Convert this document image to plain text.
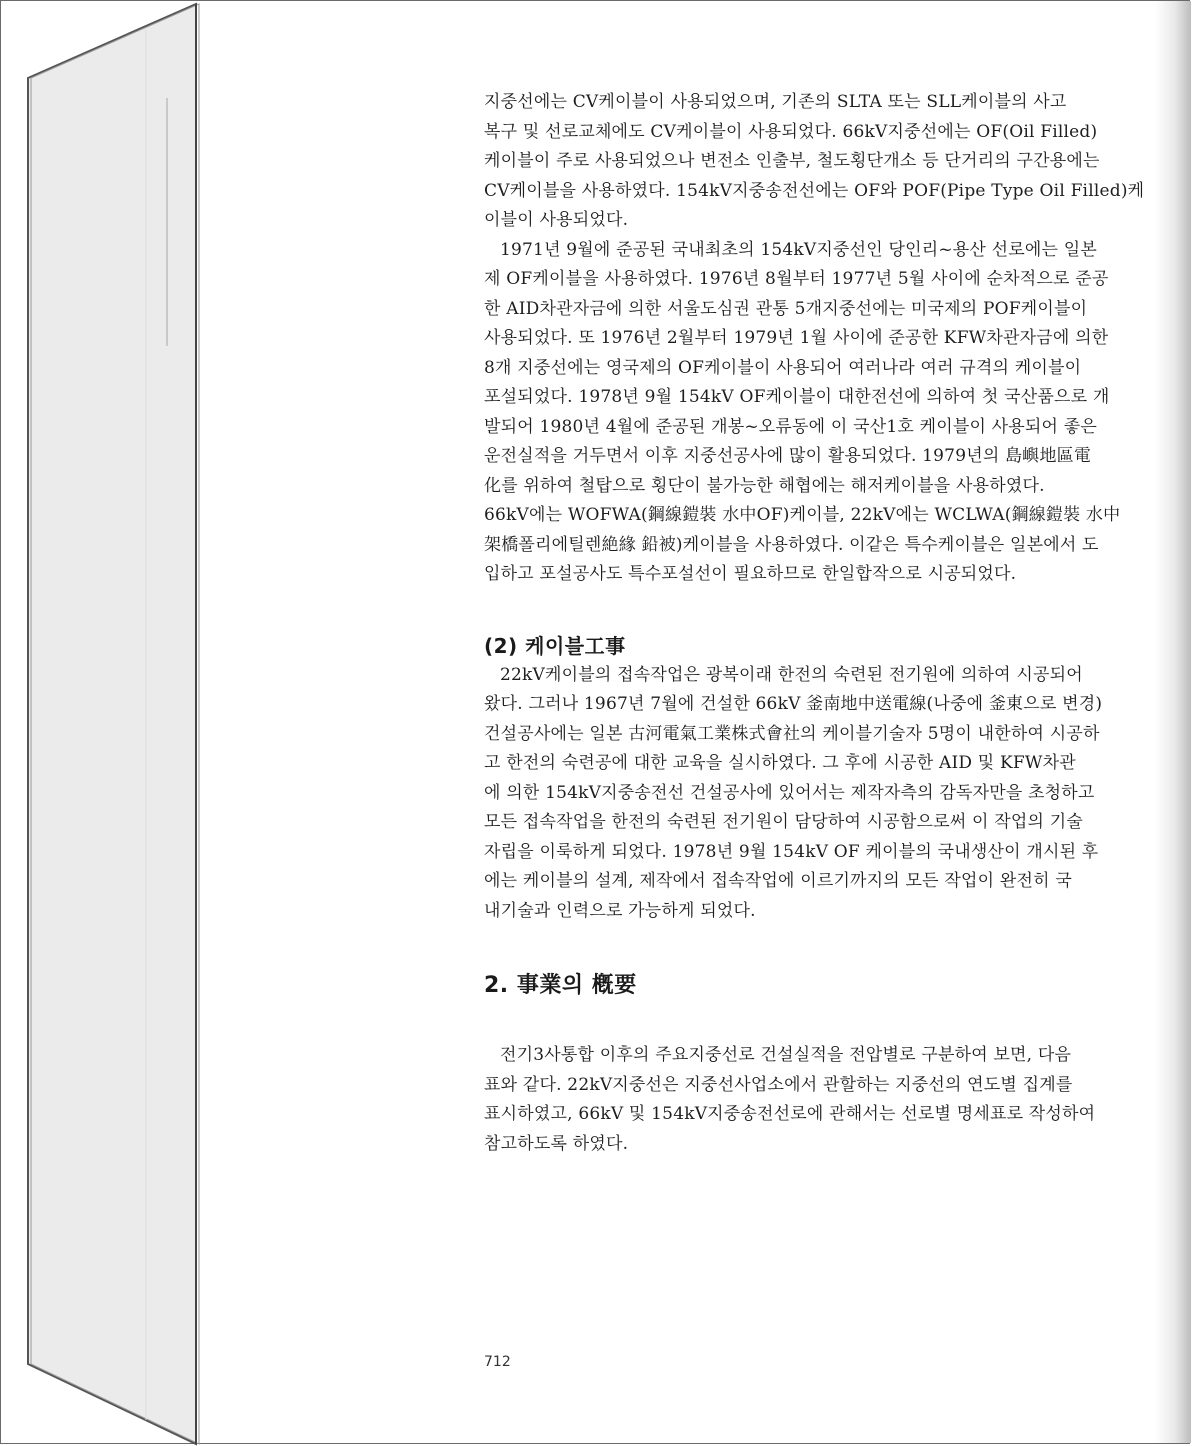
지중선에는 CV케이블이 사용되었으며, 기존의 SLTA 또는 SLL케이블의 사고

복구 및 선로교체에도 CV케이블이 사용되었다. 66kV지중선에는 OF(Oil Filled)

케이블이 주로 사용되었으나 변전소 인출부, 철도횡단개소 등 단거리의 구간용에는

CV케이블을 사용하였다. 154kV지중송전선에는 OF와 POF(Pipe Type Oil Filled)케

이블이 사용되었다.

1971년 9월에 준공된 국내최초의 154kV지중선인 당인리~용산 선로에는 일본

제 OF케이블을 사용하였다. 1976년 8월부터 1977년 5월 사이에 순차적으로 준공

한 AID차관자금에 의한 서울도심권 관통 5개지중선에는 미국제의 POF케이블이

사용되었다. 또 1976년 2월부터 1979년 1월 사이에 준공한 KFW차관자금에 의한

8개 지중선에는 영국제의 OF케이블이 사용되어 여러나라 여러 규격의 케이블이

포설되었다. 1978년 9월 154kV OF케이블이 대한전선에 의하여 첫 국산품으로 개

발되어 1980년 4월에 준공된 개봉~오류동에 이 국산1호 케이블이 사용되어 좋은

운전실적을 거두면서 이후 지중선공사에 많이 활용되었다. 1979년의 島嶼地區電

化를 위하여 철탑으로 횡단이 불가능한 해협에는 해저케이블을 사용하였다.

66kV에는 WOFWA(鋼線鎧裝 水中OF)케이블, 22kV에는 WCLWA(鋼線鎧裝 水中

架橋폴리에틸렌絶緣 鉛被)케이블을 사용하였다. 이같은 특수케이블은 일본에서 도

입하고 포설공사도 특수포설선이 필요하므로 한일합작으로 시공되었다.

(2) 케이블工事

22kV케이블의 접속작업은 광복이래 한전의 숙련된 전기원에 의하여 시공되어

왔다. 그러나 1967년 7월에 건설한 66kV 釜南地中送電線(나중에 釜東으로 변경)

건설공사에는 일본 古河電氣工業株式會社의 케이블기술자 5명이 내한하여 시공하

고 한전의 숙련공에 대한 교육을 실시하였다. 그 후에 시공한 AID 및 KFW차관

에 의한 154kV지중송전선 건설공사에 있어서는 제작자측의 감독자만을 초청하고

모든 접속작업을 한전의 숙련된 전기원이 담당하여 시공함으로써 이 작업의 기술

자립을 이룩하게 되었다. 1978년 9월 154kV OF 케이블의 국내생산이 개시된 후

에는 케이블의 설계, 제작에서 접속작업에 이르기까지의 모든 작업이 완전히 국

내기술과 인력으로 가능하게 되었다.

2. 事業의 槪要

전기3사통합 이후의 주요지중선로 건설실적을 전압별로 구분하여 보면, 다음

표와 같다. 22kV지중선은 지중선사업소에서 관할하는 지중선의 연도별 집계를

표시하였고, 66kV 및 154kV지중송전선로에 관해서는 선로별 명세표로 작성하여

참고하도록 하였다.

712
